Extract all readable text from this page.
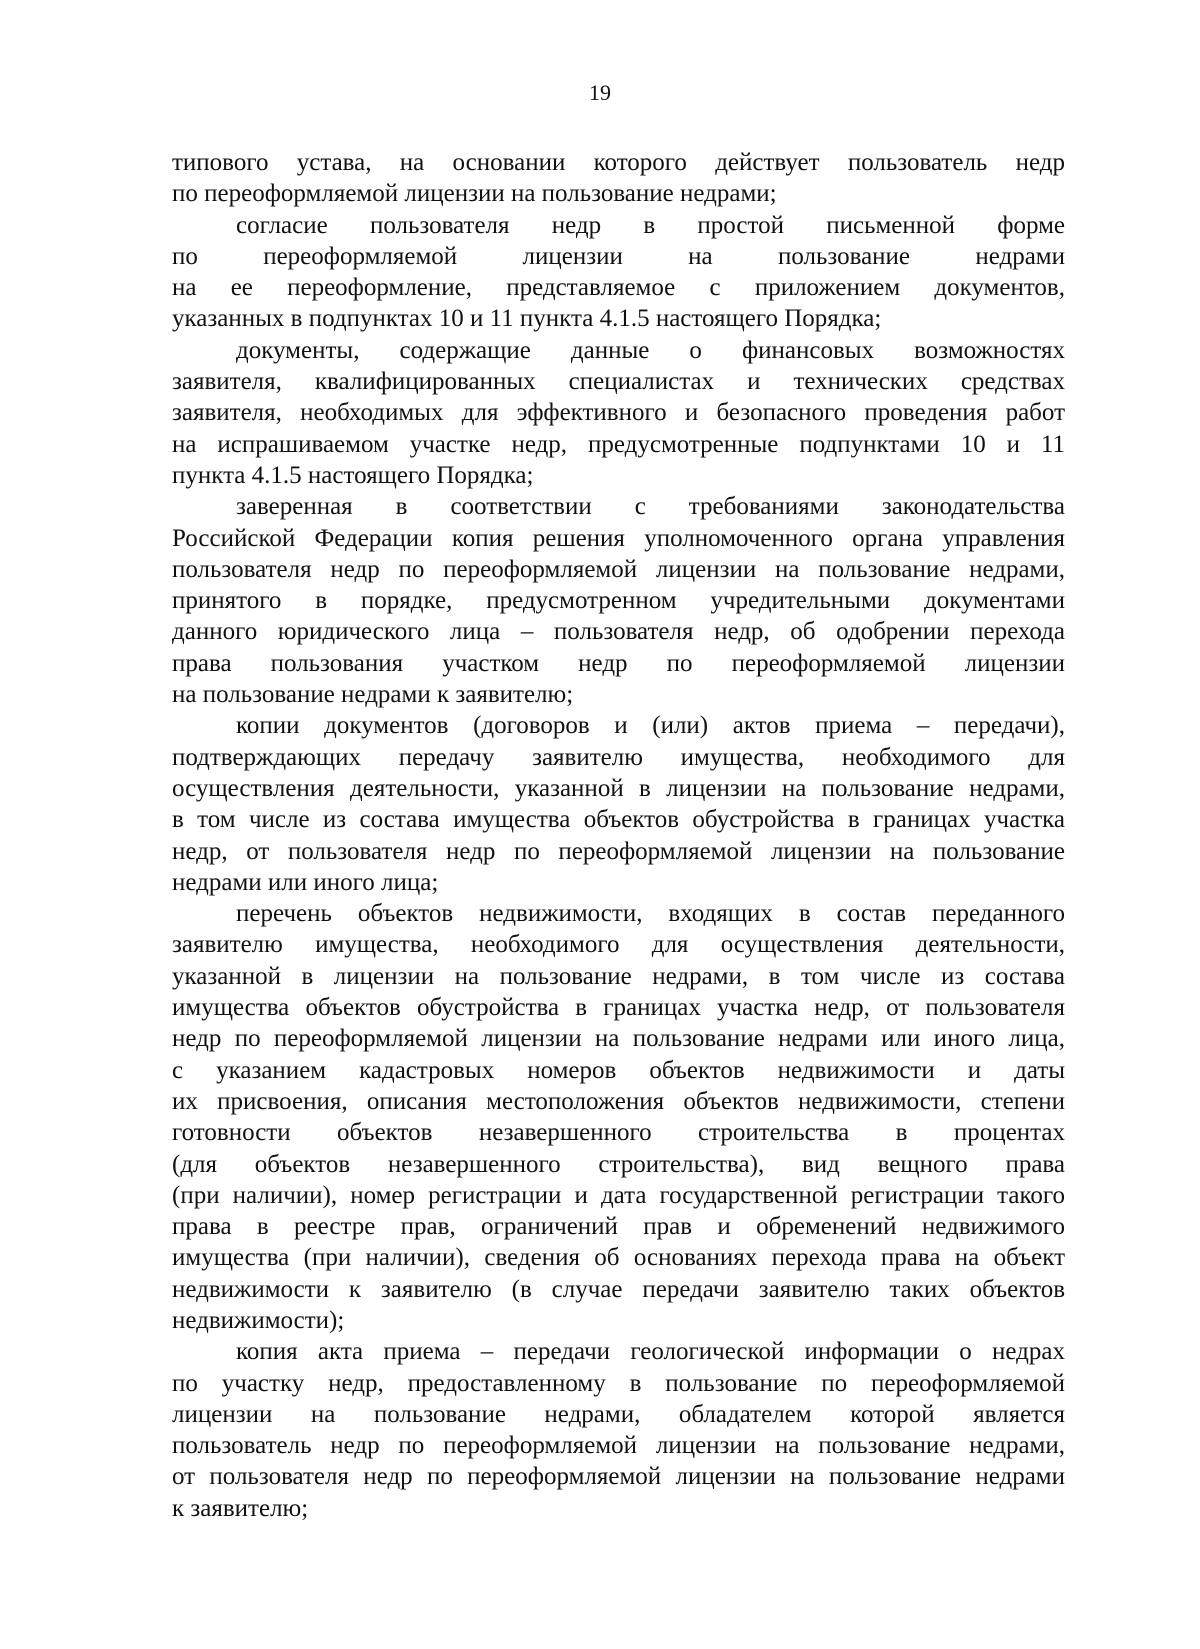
19
типового устава, на основании которого действует пользователь недр
по переоформляемой лицензии на пользование недрами;
согласие пользователя недр в простой письменной форме
по переоформляемой лицензии на пользование недрами
на ее переоформление, представляемое с приложением документов,
указанных в подпунктах 10 и 11 пункта 4.1.5 настоящего Порядка;
документы, содержащие данные о финансовых возможностях
заявителя, квалифицированных специалистах и технических средствах
заявителя, необходимых для эффективного и безопасного проведения работ
на испрашиваемом участке недр, предусмотренные подпунктами 10 и 11
пункта 4.1.5 настоящего Порядка;
заверенная в соответствии с требованиями законодательства
Российской Федерации копия решения уполномоченного органа управления
пользователя недр по переоформляемой лицензии на пользование недрами,
принятого в порядке, предусмотренном учредительными документами
данного юридического лица – пользователя недр, об одобрении перехода
права пользования участком недр по переоформляемой лицензии
на пользование недрами к заявителю;
копии документов (договоров и (или) актов приема – передачи),
подтверждающих передачу заявителю имущества, необходимого для
осуществления деятельности, указанной в лицензии на пользование недрами,
в том числе из состава имущества объектов обустройства в границах участка
недр, от пользователя недр по переоформляемой лицензии на пользование
недрами или иного лица;
перечень объектов недвижимости, входящих в состав переданного
заявителю имущества, необходимого для осуществления деятельности,
указанной в лицензии на пользование недрами, в том числе из состава
имущества объектов обустройства в границах участка недр, от пользователя
недр по переоформляемой лицензии на пользование недрами или иного лица,
с указанием кадастровых номеров объектов недвижимости и даты
их присвоения, описания местоположения объектов недвижимости, степени
готовности объектов незавершенного строительства в процентах
(для объектов незавершенного строительства), вид вещного права
(при наличии), номер регистрации и дата государственной регистрации такого
права в реестре прав, ограничений прав и обременений недвижимого
имущества (при наличии), сведения об основаниях перехода права на объект
недвижимости к заявителю (в случае передачи заявителю таких объектов
недвижимости);
копия акта приема – передачи геологической информации о недрах
по участку недр, предоставленному в пользование по переоформляемой
лицензии на пользование недрами, обладателем которой является
пользователь недр по переоформляемой лицензии на пользование недрами,
от пользователя недр по переоформляемой лицензии на пользование недрами
к заявителю;
